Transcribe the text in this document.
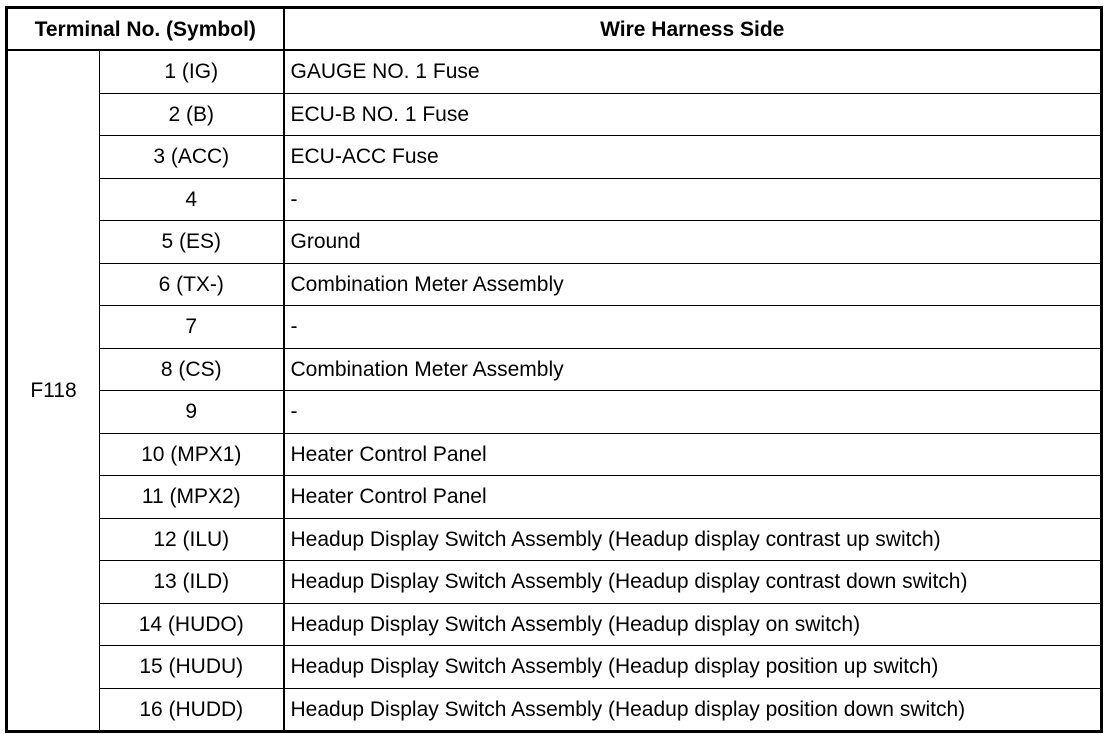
Terminal No. (Symbol)		Wire Harness Side
F118	1 (IG)	GAUGE NO. 1 Fuse
	2 (B)	ECU-B NO. 1 Fuse
	3 (ACC)	ECU-ACC Fuse
	4	-
	5 (ES)	Ground
	6 (TX-)	Combination Meter Assembly
	7	-
	8 (CS)	Combination Meter Assembly
	9	-
	10 (MPX1)	Heater Control Panel
	11 (MPX2)	Heater Control Panel
	12 (ILU)	Headup Display Switch Assembly (Headup display contrast up switch)
	13 (ILD)	Headup Display Switch Assembly (Headup display contrast down switch)
	14 (HUDO)	Headup Display Switch Assembly (Headup display on switch)
	15 (HUDU)	Headup Display Switch Assembly (Headup display position up switch)
	16 (HUDD)	Headup Display Switch Assembly (Headup display position down switch)
